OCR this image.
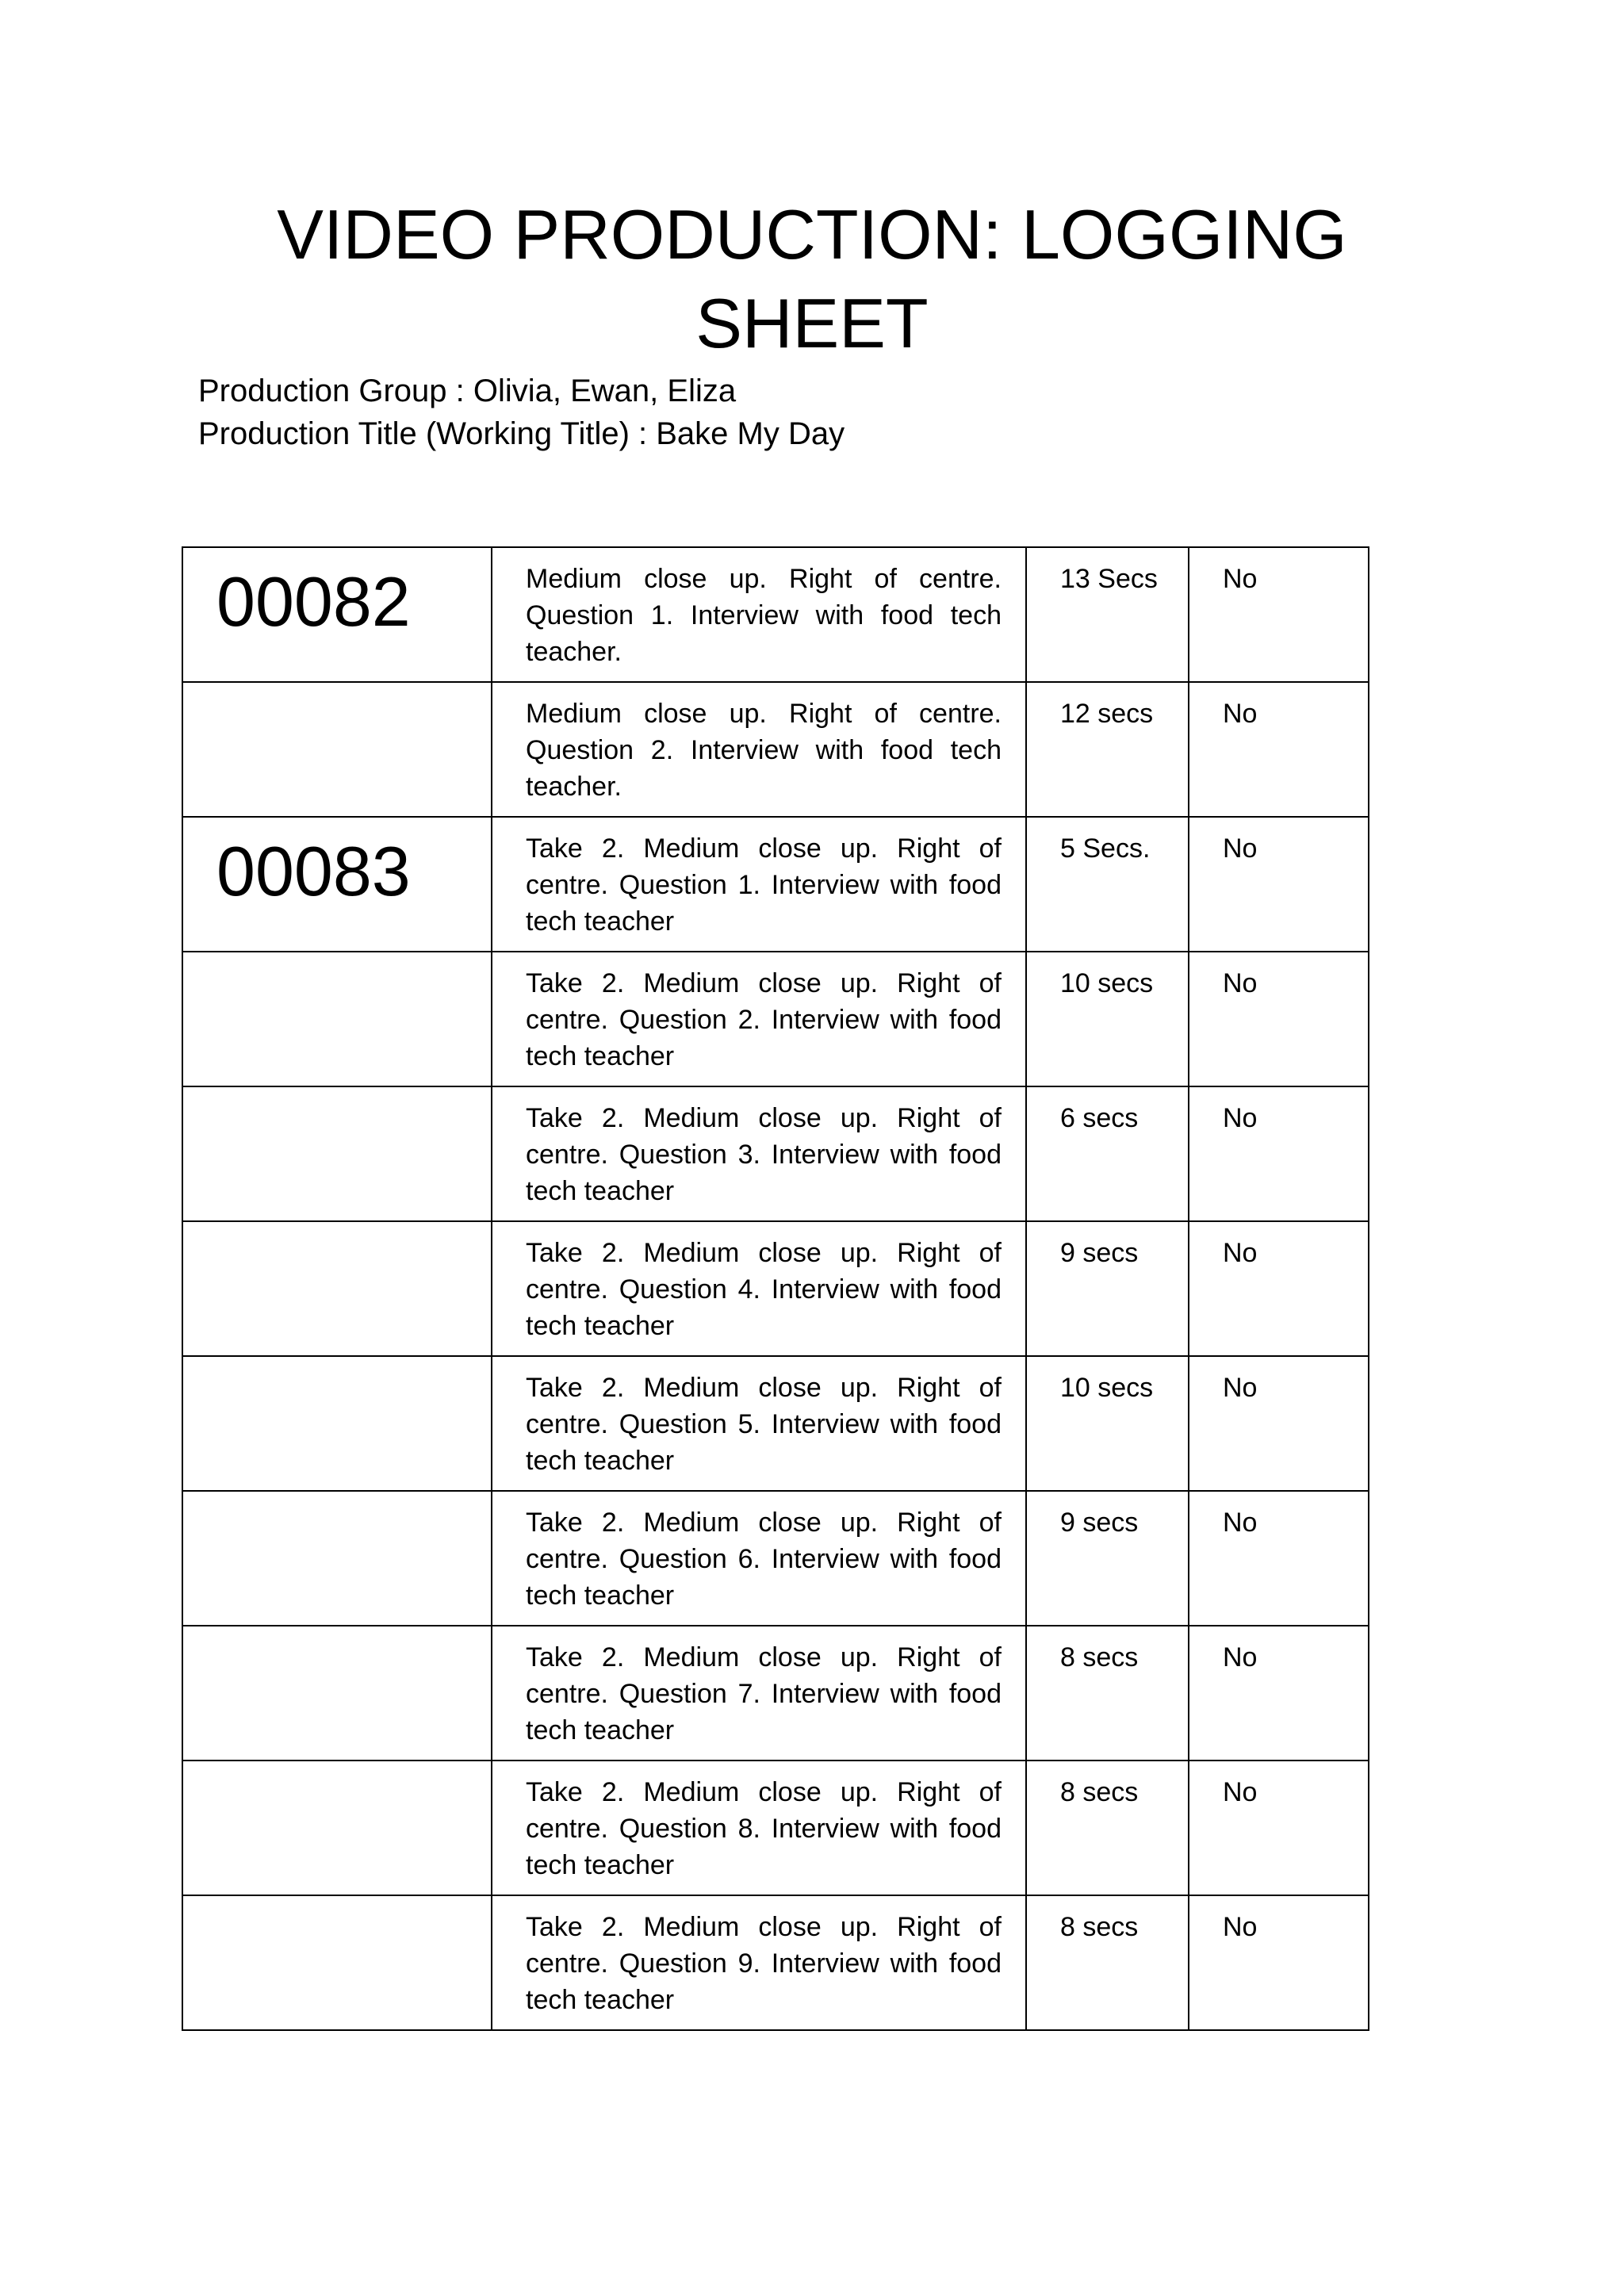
VIDEO PRODUCTION: LOGGING
SHEET
Production Group : Olivia, Ewan, Eliza
Production Title (Working Title) : Bake My Day
00082	Medium close up. Right of centre. Question 1. Interview with food tech teacher.	13 Secs	No

	Medium close up. Right of centre. Question 2. Interview with food tech teacher.	12 secs	No

00083	Take 2. Medium close up. Right of centre. Question 1. Interview with food tech teacher	5 Secs.	No

	Take 2. Medium close up. Right of centre. Question 2. Interview with food tech teacher	10 secs	No

	Take 2. Medium close up. Right of centre. Question 3. Interview with food tech teacher	6 secs	No

	Take 2. Medium close up. Right of centre. Question 4. Interview with food tech teacher	9 secs	No

	Take 2. Medium close up. Right of centre. Question 5. Interview with food tech teacher	10 secs	No

	Take 2. Medium close up. Right of centre. Question 6. Interview with food tech teacher	9 secs	No

	Take 2. Medium close up. Right of centre. Question 7. Interview with food tech teacher	8 secs	No

	Take 2. Medium close up. Right of centre. Question 8. Interview with food tech teacher	8 secs	No

	Take 2. Medium close up. Right of centre. Question 9. Interview with food tech teacher	8 secs	No
